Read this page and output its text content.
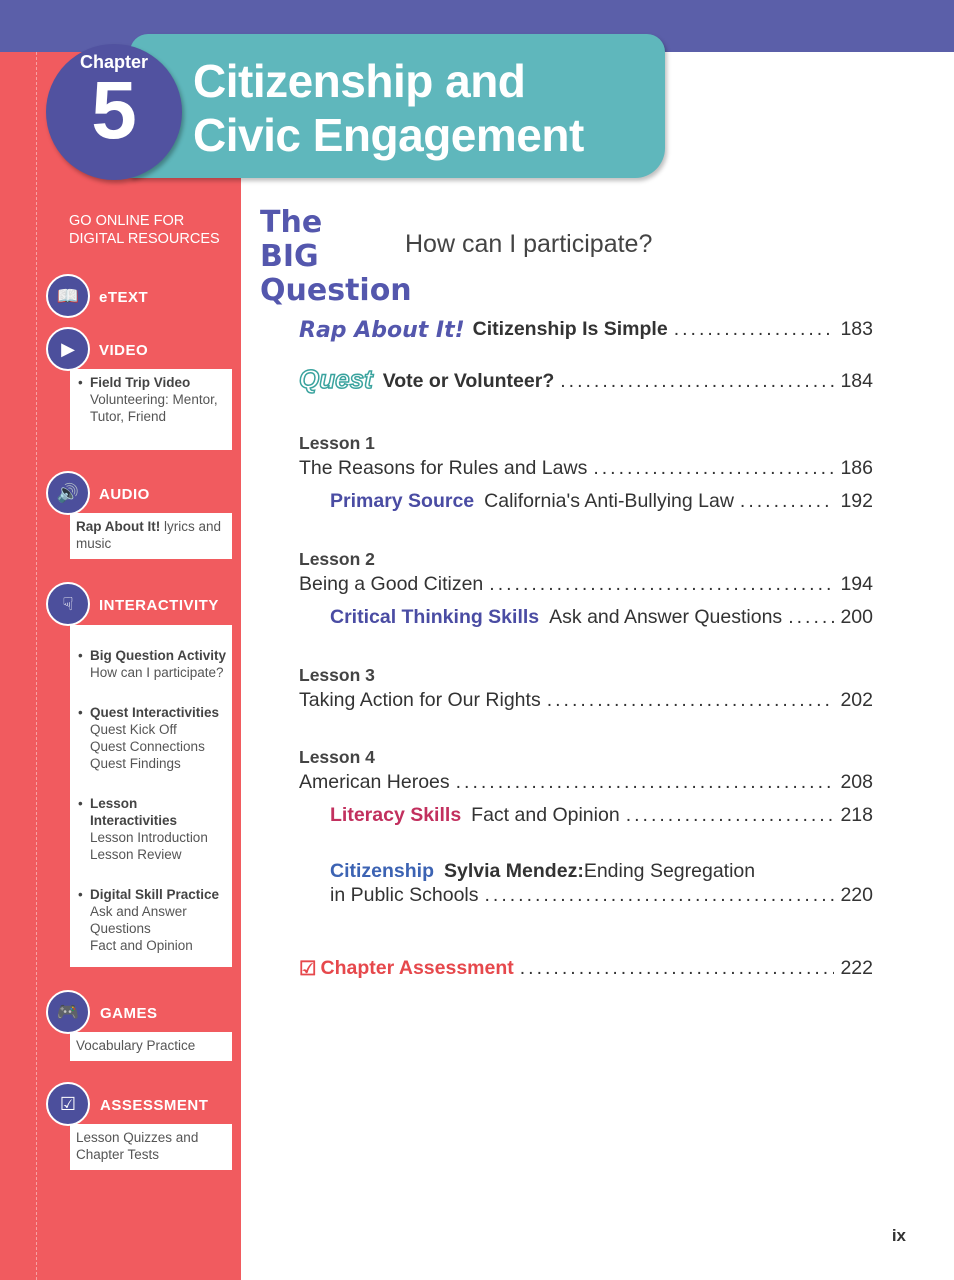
Chapter
5	Citizenship and
Civic Engagement
GO ONLINE FOR
DIGITAL RESOURCES
📖	eTEXT
▶	VIDEO
• Field Trip Video
Volunteering: Mentor, Tutor, Friend
🔊	AUDIO
Rap About It! lyrics and music
☟	INTERACTIVITY

• Big Question Activity
How can I participate?

• Quest Interactivities
Quest Kick Off
Quest Connections
Quest Findings

• Lesson Interactivities
Lesson Introduction
Lesson Review

• Digital Skill Practice
Ask and Answer Questions
Fact and Opinion

🎮	GAMES
Vocabulary Practice
☑	ASSESSMENT
Lesson Quizzes and Chapter Tests
The BIG Question
How can I participate?
Rap About It! Citizenship Is Simple .....	183
Quest Vote or Volunteer? .....	184
Lesson 1
The Reasons for Rules and Laws .....	186
Primary Source California's Anti-Bullying Law .....	192
Lesson 2
Being a Good Citizen .....	194
Critical Thinking Skills Ask and Answer Questions .....	200
Lesson 3
Taking Action for Our Rights .....	202
Lesson 4
American Heroes .....	208
Literacy Skills Fact and Opinion .....	218
Citizenship Sylvia Mendez: Ending Segregation
in Public Schools .....	220
☑ Chapter Assessment .....	222
ix
